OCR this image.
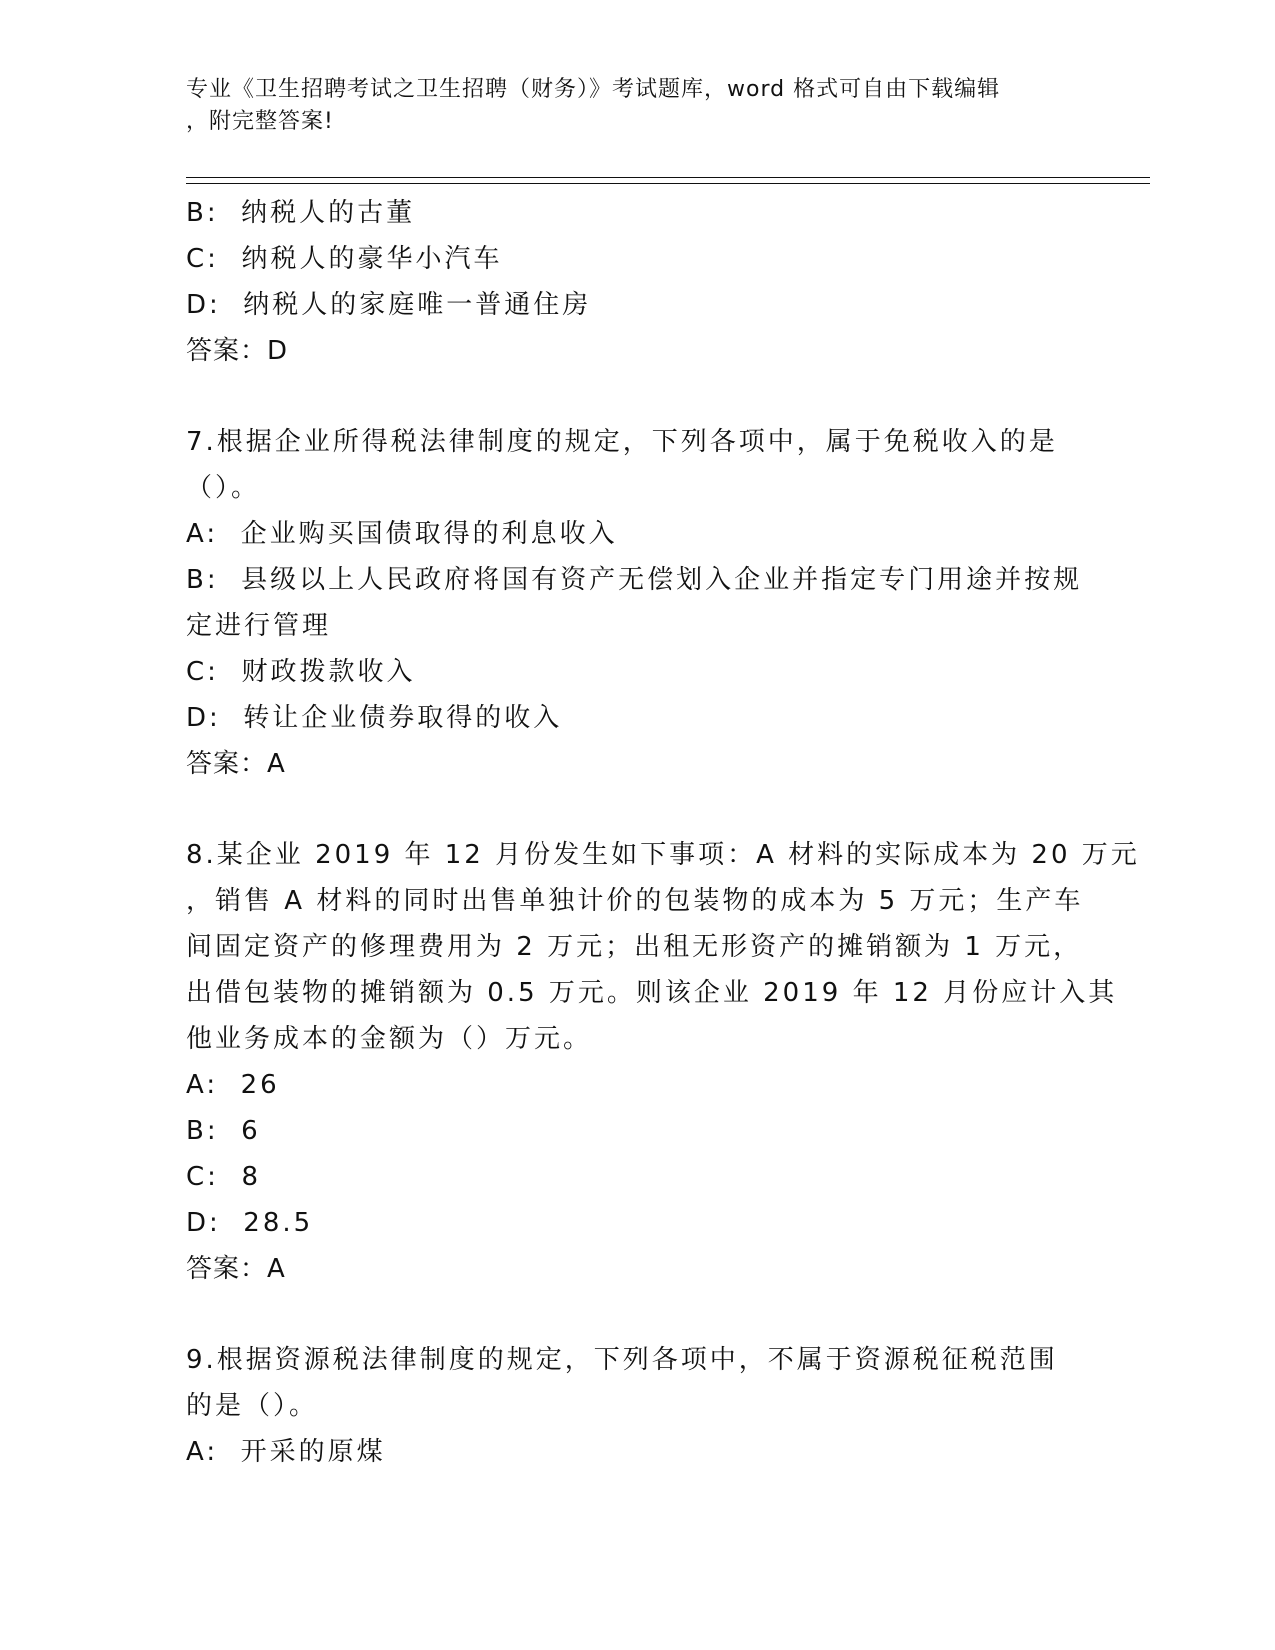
专业《卫生招聘考试之卫生招聘（财务）》考试题库，word 格式可自由下载编辑
，附完整答案!
B:  纳税人的古董
C:  纳税人的豪华小汽车
D:  纳税人的家庭唯一普通住房
答案：D
7.根据企业所得税法律制度的规定，下列各项中，属于免税收入的是
（）。
A:  企业购买国债取得的利息收入
B:  县级以上人民政府将国有资产无偿划入企业并指定专门用途并按规
定进行管理
C:  财政拨款收入
D:  转让企业债券取得的收入
答案：A
8.某企业 2019 年 12 月份发生如下事项：A 材料的实际成本为 20 万元
，销售 A 材料的同时出售单独计价的包装物的成本为 5 万元；生产车
间固定资产的修理费用为 2 万元；出租无形资产的摊销额为 1 万元，
出借包装物的摊销额为 0.5 万元。则该企业 2019 年 12 月份应计入其
他业务成本的金额为（）万元。
A:  26
B:  6
C:  8
D:  28.5
答案：A
9.根据资源税法律制度的规定，下列各项中，不属于资源税征税范围
的是（）。
A:  开采的原煤
